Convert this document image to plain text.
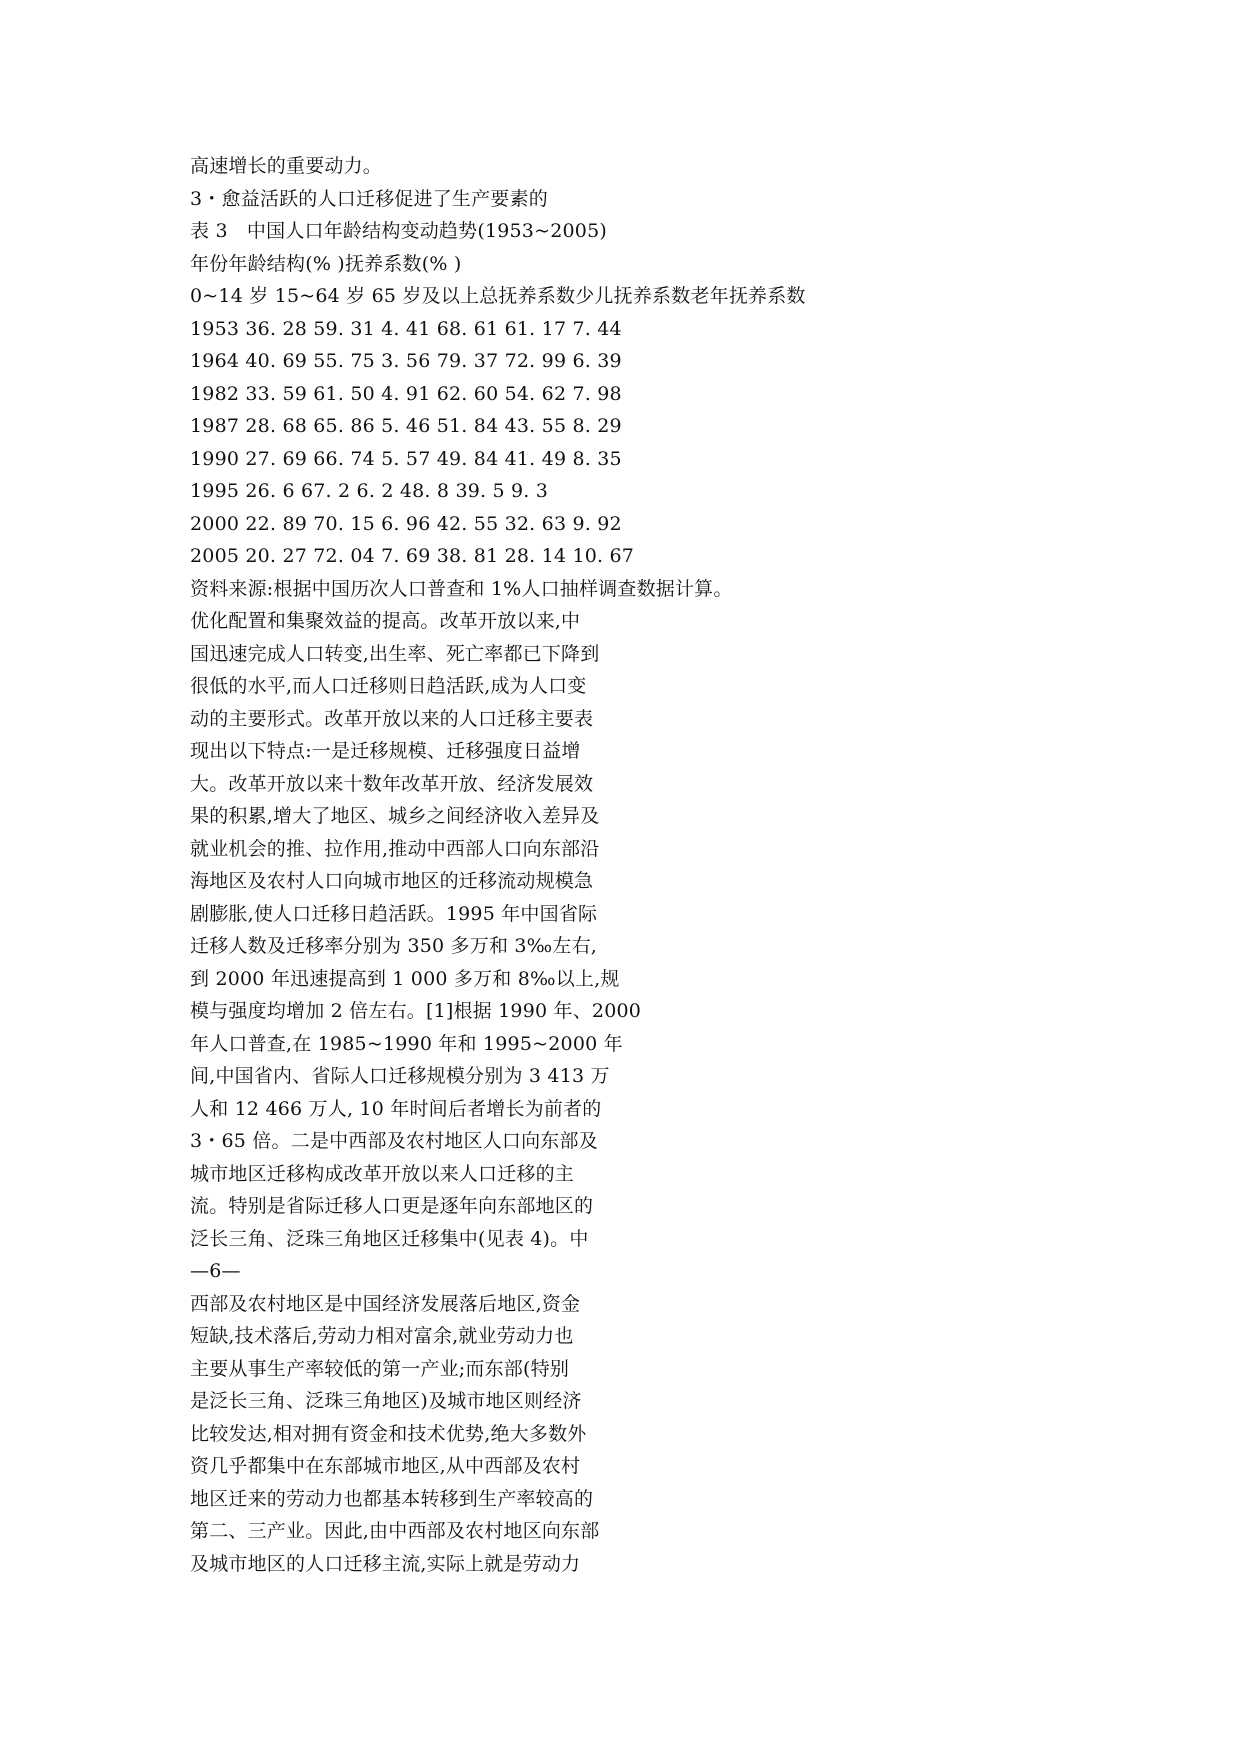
高速增长的重要动力。
3・愈益活跃的人口迁移促进了生产要素的
表 3　中国人口年龄结构变动趋势(1953~2005)
年份年龄结构(% )抚养系数(% )
0~14 岁 15~64 岁 65 岁及以上总抚养系数少儿抚养系数老年抚养系数
1953 36. 28 59. 31 4. 41 68. 61 61. 17 7. 44
1964 40. 69 55. 75 3. 56 79. 37 72. 99 6. 39
1982 33. 59 61. 50 4. 91 62. 60 54. 62 7. 98
1987 28. 68 65. 86 5. 46 51. 84 43. 55 8. 29
1990 27. 69 66. 74 5. 57 49. 84 41. 49 8. 35
1995 26. 6 67. 2 6. 2 48. 8 39. 5 9. 3
2000 22. 89 70. 15 6. 96 42. 55 32. 63 9. 92
2005 20. 27 72. 04 7. 69 38. 81 28. 14 10. 67
资料来源:根据中国历次人口普查和 1%人口抽样调查数据计算。
优化配置和集聚效益的提高。改革开放以来,中
国迅速完成人口转变,出生率、死亡率都已下降到
很低的水平,而人口迁移则日趋活跃,成为人口变
动的主要形式。改革开放以来的人口迁移主要表
现出以下特点:一是迁移规模、迁移强度日益增
大。改革开放以来十数年改革开放、经济发展效
果的积累,增大了地区、城乡之间经济收入差异及
就业机会的推、拉作用,推动中西部人口向东部沿
海地区及农村人口向城市地区的迁移流动规模急
剧膨胀,使人口迁移日趋活跃。1995 年中国省际
迁移人数及迁移率分别为 350 多万和 3‰左右,
到 2000 年迅速提高到 1 000 多万和 8‰以上,规
模与强度均增加 2 倍左右。[1]根据 1990 年、2000
年人口普查,在 1985~1990 年和 1995~2000 年
间,中国省内、省际人口迁移规模分别为 3 413 万
人和 12 466 万人, 10 年时间后者增长为前者的
3・65 倍。二是中西部及农村地区人口向东部及
城市地区迁移构成改革开放以来人口迁移的主
流。特别是省际迁移人口更是逐年向东部地区的
泛长三角、泛珠三角地区迁移集中(见表 4)。中
—6—
西部及农村地区是中国经济发展落后地区,资金
短缺,技术落后,劳动力相对富余,就业劳动力也
主要从事生产率较低的第一产业;而东部(特别
是泛长三角、泛珠三角地区)及城市地区则经济
比较发达,相对拥有资金和技术优势,绝大多数外
资几乎都集中在东部城市地区,从中西部及农村
地区迁来的劳动力也都基本转移到生产率较高的
第二、三产业。因此,由中西部及农村地区向东部
及城市地区的人口迁移主流,实际上就是劳动力
